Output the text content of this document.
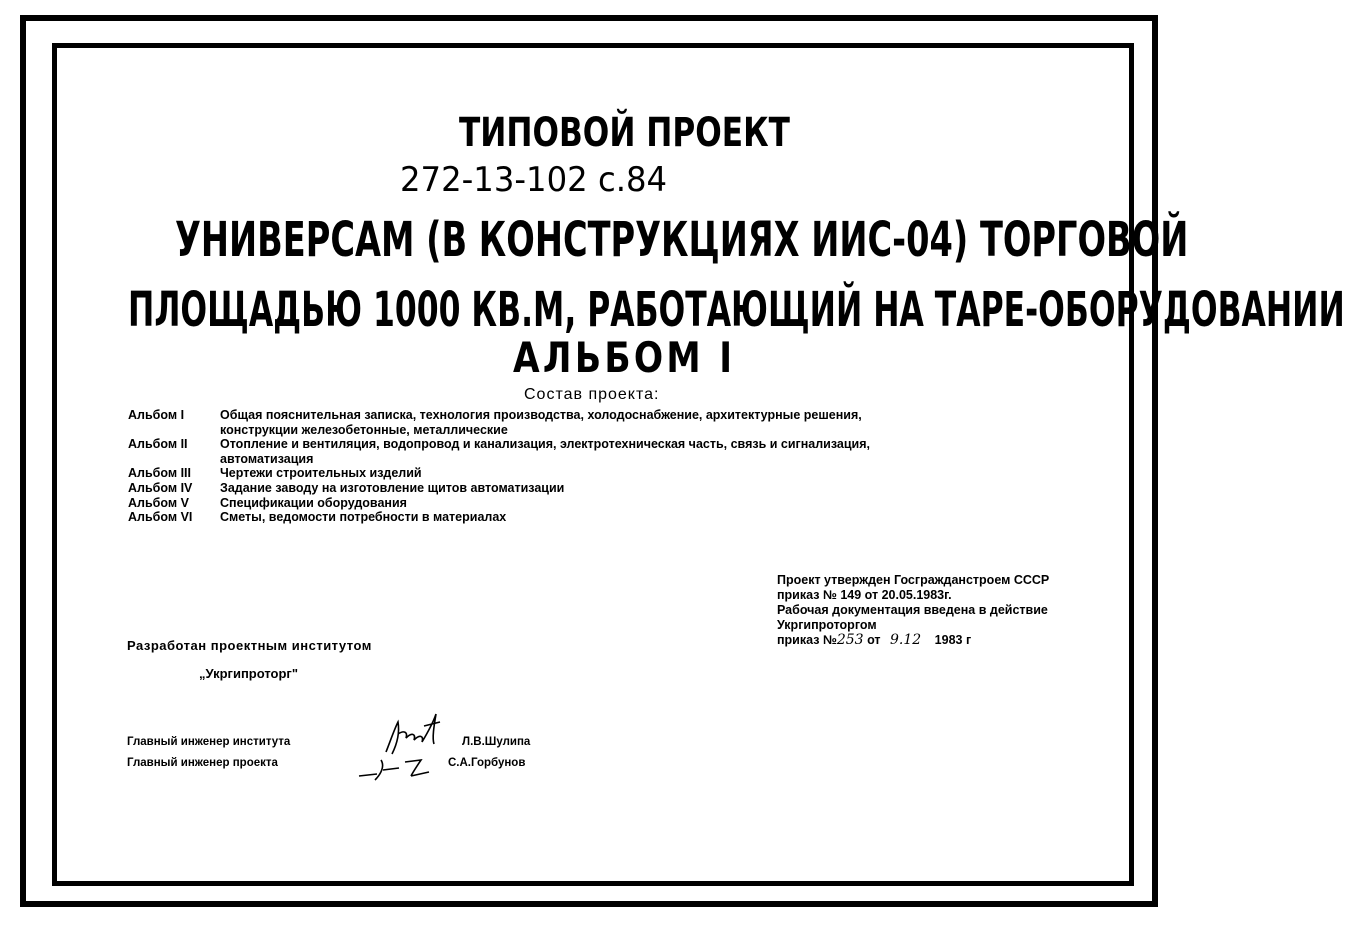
ТИПОВОЙ ПРОЕКТ
272-13-102 с.84
УНИВЕРСАМ (В КОНСТРУКЦИЯХ ИИС-04) ТОРГОВОЙ
ПЛОЩАДЬЮ 1000 КВ.М, РАБОТАЮЩИЙ НА ТАРЕ-ОБОРУДОВАНИИ
АЛЬБОМ I
Состав проекта:
Альбом I	Общая пояснительная записка, технология производства, холодоснабжение, архитектурные решения,
конструкции железобетонные, металлические
Альбом II	Отопление и вентиляция, водопровод и канализация, электротехническая часть, связь и сигнализация,
автоматизация
Альбом III	Чертежи строительных изделий
Альбом IV	Задание заводу на изготовление щитов автоматизации
Альбом V	Спецификации оборудования
Альбом VI	Сметы, ведомости потребности в материалах
Проект утвержден Госгражданстроем СССР
приказ № 149 от 20.05.1983г.
Рабочая документация введена в действие
Укргипроторгом
приказ №253 от 9.12 1983 г
Разработан проектным институтом
„Укргипроторг"
Главный инженер института	Л.В.Шулипа
Главный инженер проекта	С.А.Горбунов
